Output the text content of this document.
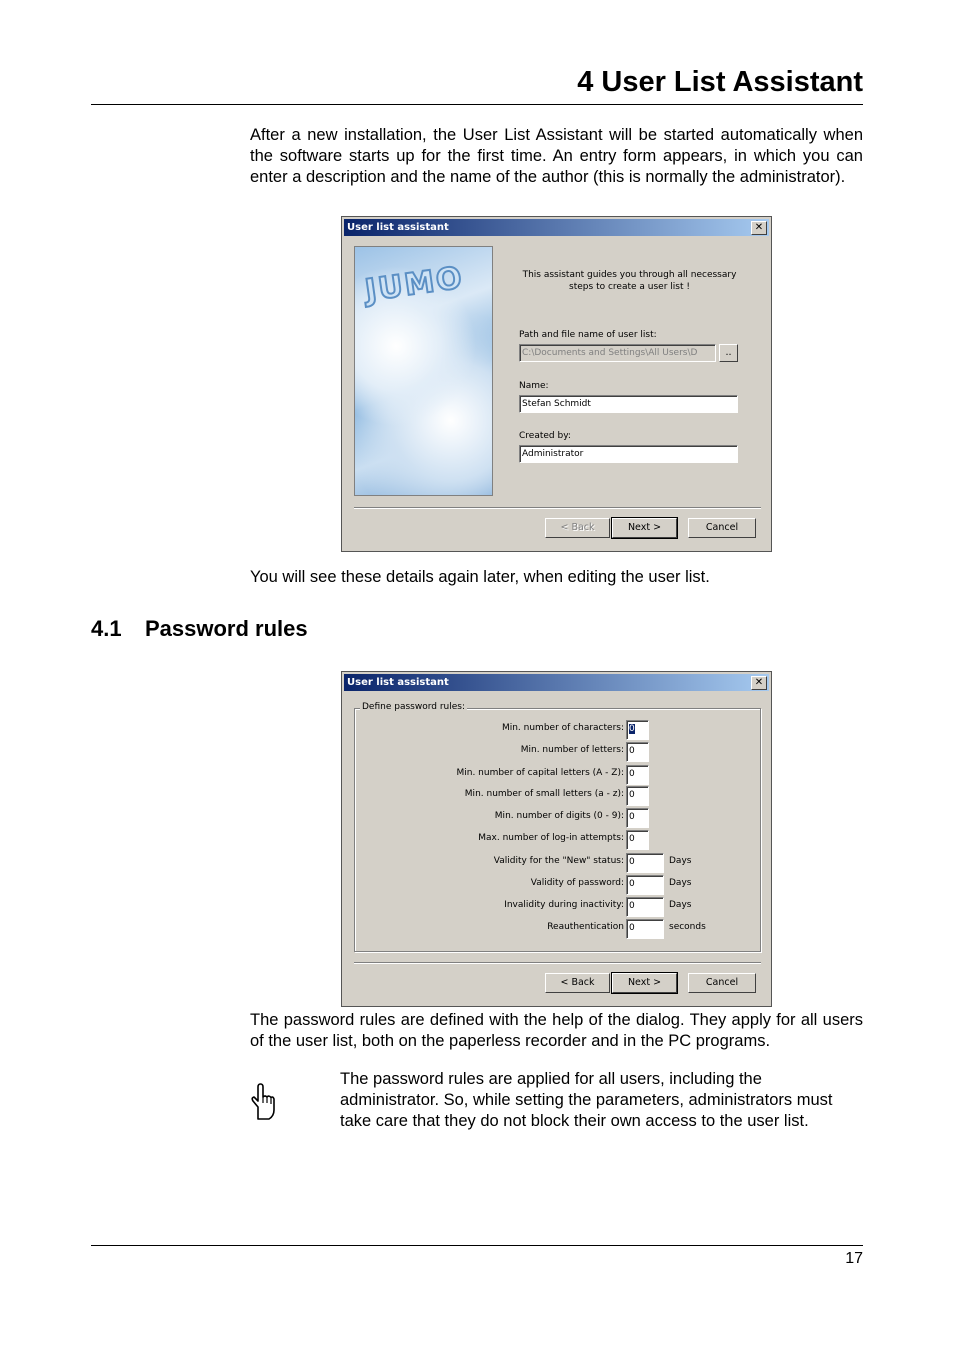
4 User List Assistant
After a new installation, the User List Assistant will be started automatically when the software starts up for the first time. An entry form appears, in which you can enter a description and the name of the author (this is normally the administrator).
User list assistant	✕
JUMO	This assistant guides you through all necessary steps to create a user list !
Path and file name of user list:
C:\Documents and Settings\All Users\D	..
Name:
Stefan Schmidt
Created by:
Administrator
< Back	Next >	Cancel
You will see these details again later, when editing the user list.
4.1 Password rules
User list assistant	✕
Define password rules:
Min. number of characters: 0
Min. number of letters: 0
Min. number of capital letters (A - Z): 0
Min. number of small letters (a - z): 0
Min. number of digits (0 - 9): 0
Max. number of log-in attempts: 0
Validity for the "New" status: 0	Days
Validity of password: 0	Days
Invalidity during inactivity: 0	Days
Reauthentication 0	seconds
< Back	Next >	Cancel
The password rules are defined with the help of the dialog. They apply for all users of the user list, both on the paperless recorder and in the PC programs.
The password rules are applied for all users, including the administrator. So, while setting the parameters, administrators must take care that they do not block their own access to the user list.
17
